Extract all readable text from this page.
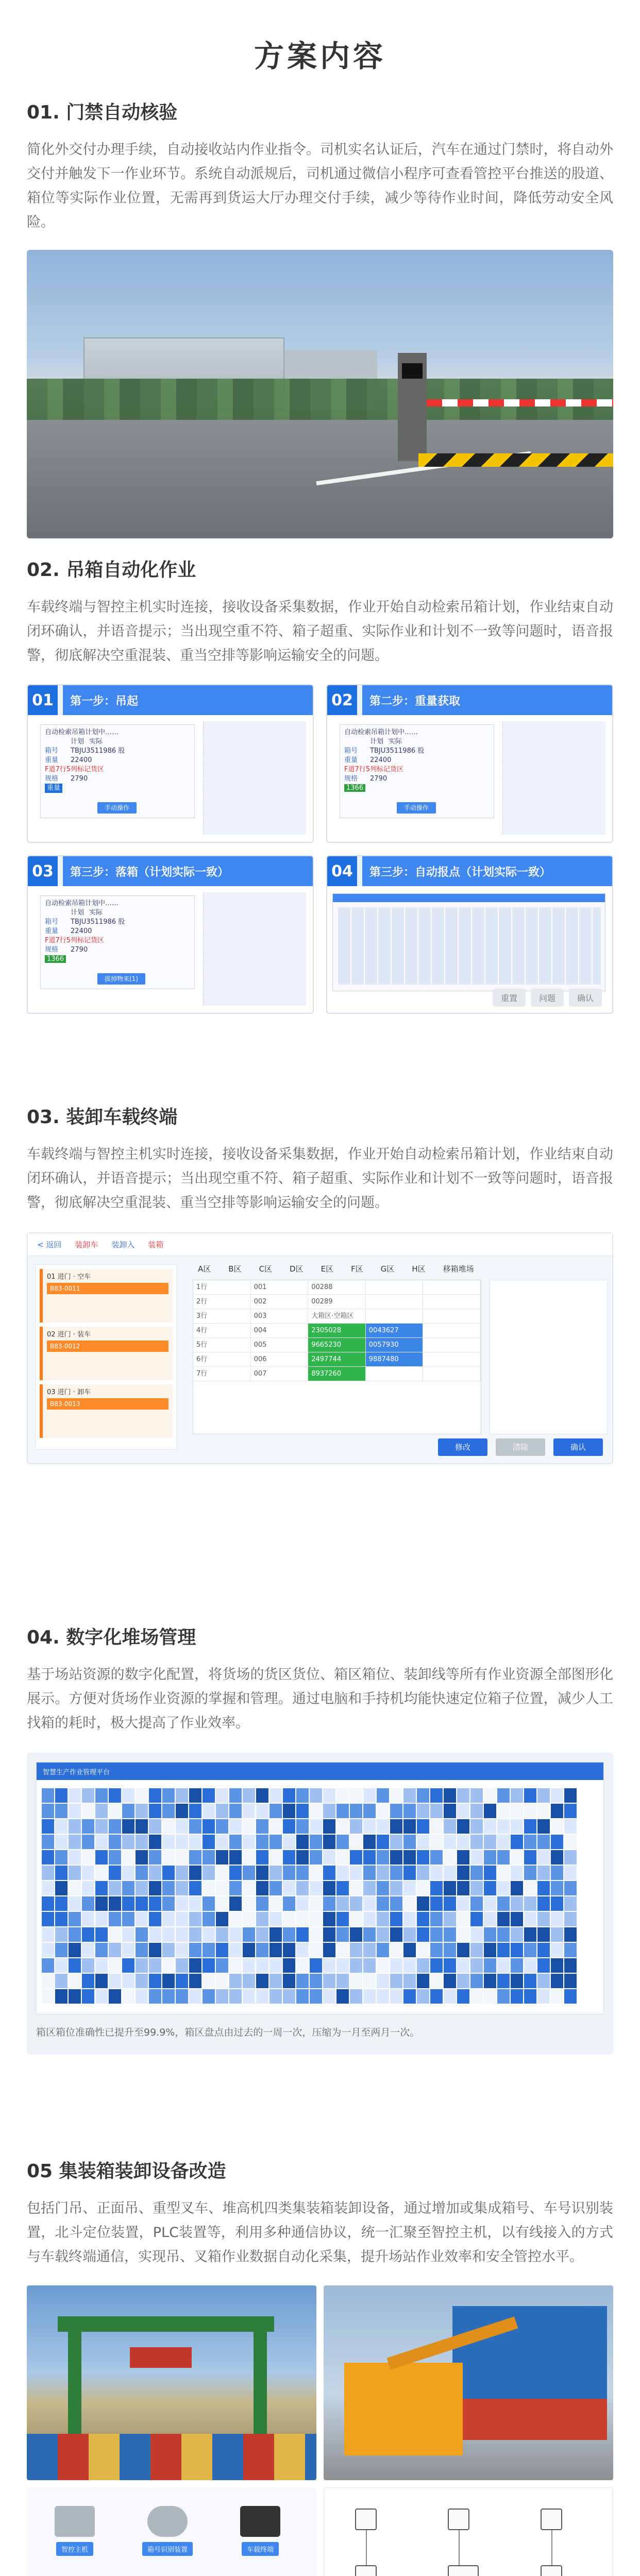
方案内容
01. 门禁自动核验
简化外交付办理手续，自动接收站内作业指令。司机实名认证后，汽车在通过门禁时，将自动外交付并触发下一作业环节。系统自动派规后，司机通过微信小程序可查看管控平台推送的股道、箱位等实际作业位置，无需再到货运大厅办理交付手续，减少等待作业时间，降低劳动安全风险。
02. 吊箱自动化作业
车载终端与智控主机实时连接，接收设备采集数据，作业开始自动检索吊箱计划，作业结束自动闭环确认，并语音提示；当出现空重不符、箱子超重、实际作业和计划不一致等问题时，语音报警，彻底解决空重混装、重当空排等影响运输安全的问题。
01	第一步：吊起
自动检索吊箱计划中……
计划 实际
箱号	TBJU3511986 股
重量	22400
F道7行5列标记货区
规格	2790
重量
手动操作
02	第二步：重量获取
自动检索吊箱计划中……
计划 实际
箱号	TBJU3511986 股
重量	22400
F道7行5列标记货区
规格	2790
1366
手动操作
03	第三步：落箱（计划实际一致）
自动检索吊箱计划中……
计划 实际
箱号	TBJU3511986 股
重量	22400
F道7行5列标记货区
规格	2790
1366
拔掉物来(1)
04	第三步：自动报点（计划实际一致）
重置	问题	确认
03. 装卸车载终端
车载终端与智控主机实时连接，接收设备采集数据，作业开始自动检索吊箱计划，作业结束自动闭环确认，并语音提示；当出现空重不符、箱子超重、实际作业和计划不一致等问题时，语音报警，彻底解决空重混装、重当空排等影响运输安全的问题。
< 返回 装卸车 装卸入 装箱
A区 B区 C区 D区 E区 F区 G区 H区 移箱堆场
01 进门 · 空车
B83-0011
02 进门 · 装车
B83-0012
03 进门 · 卸车
B83-0013
1行	001	00288
2行	002	00289
3行	003	大箱区·空箱区
4行	004	2305028	0043627
5行	005	9665230	0057930
6行	006	2497744	9887480
7行	007	8937260
修改	清除	确认
04. 数字化堆场管理
基于场站资源的数字化配置，将货场的货区货位、箱区箱位、装卸线等所有作业资源全部图形化展示。方便对货场作业资源的掌握和管理。通过电脑和手持机均能快速定位箱子位置，减少人工找箱的耗时，极大提高了作业效率。
智慧生产作业管理平台
箱区箱位准确性已提升至99.9%，箱区盘点由过去的一周一次，压缩为一月至两月一次。
05 集装箱装卸设备改造
包括门吊、正面吊、重型叉车、堆高机四类集装箱装卸设备，通过增加或集成箱号、车号识别装置，北斗定位装置，PLC装置等，利用多种通信协议，统一汇聚至智控主机，以有线接入的方式与车载终端通信，实现吊、叉箱作业数据自动化采集，提升场站作业效率和安全管控水平。
智控主机	箱号识别装置	车载终端
